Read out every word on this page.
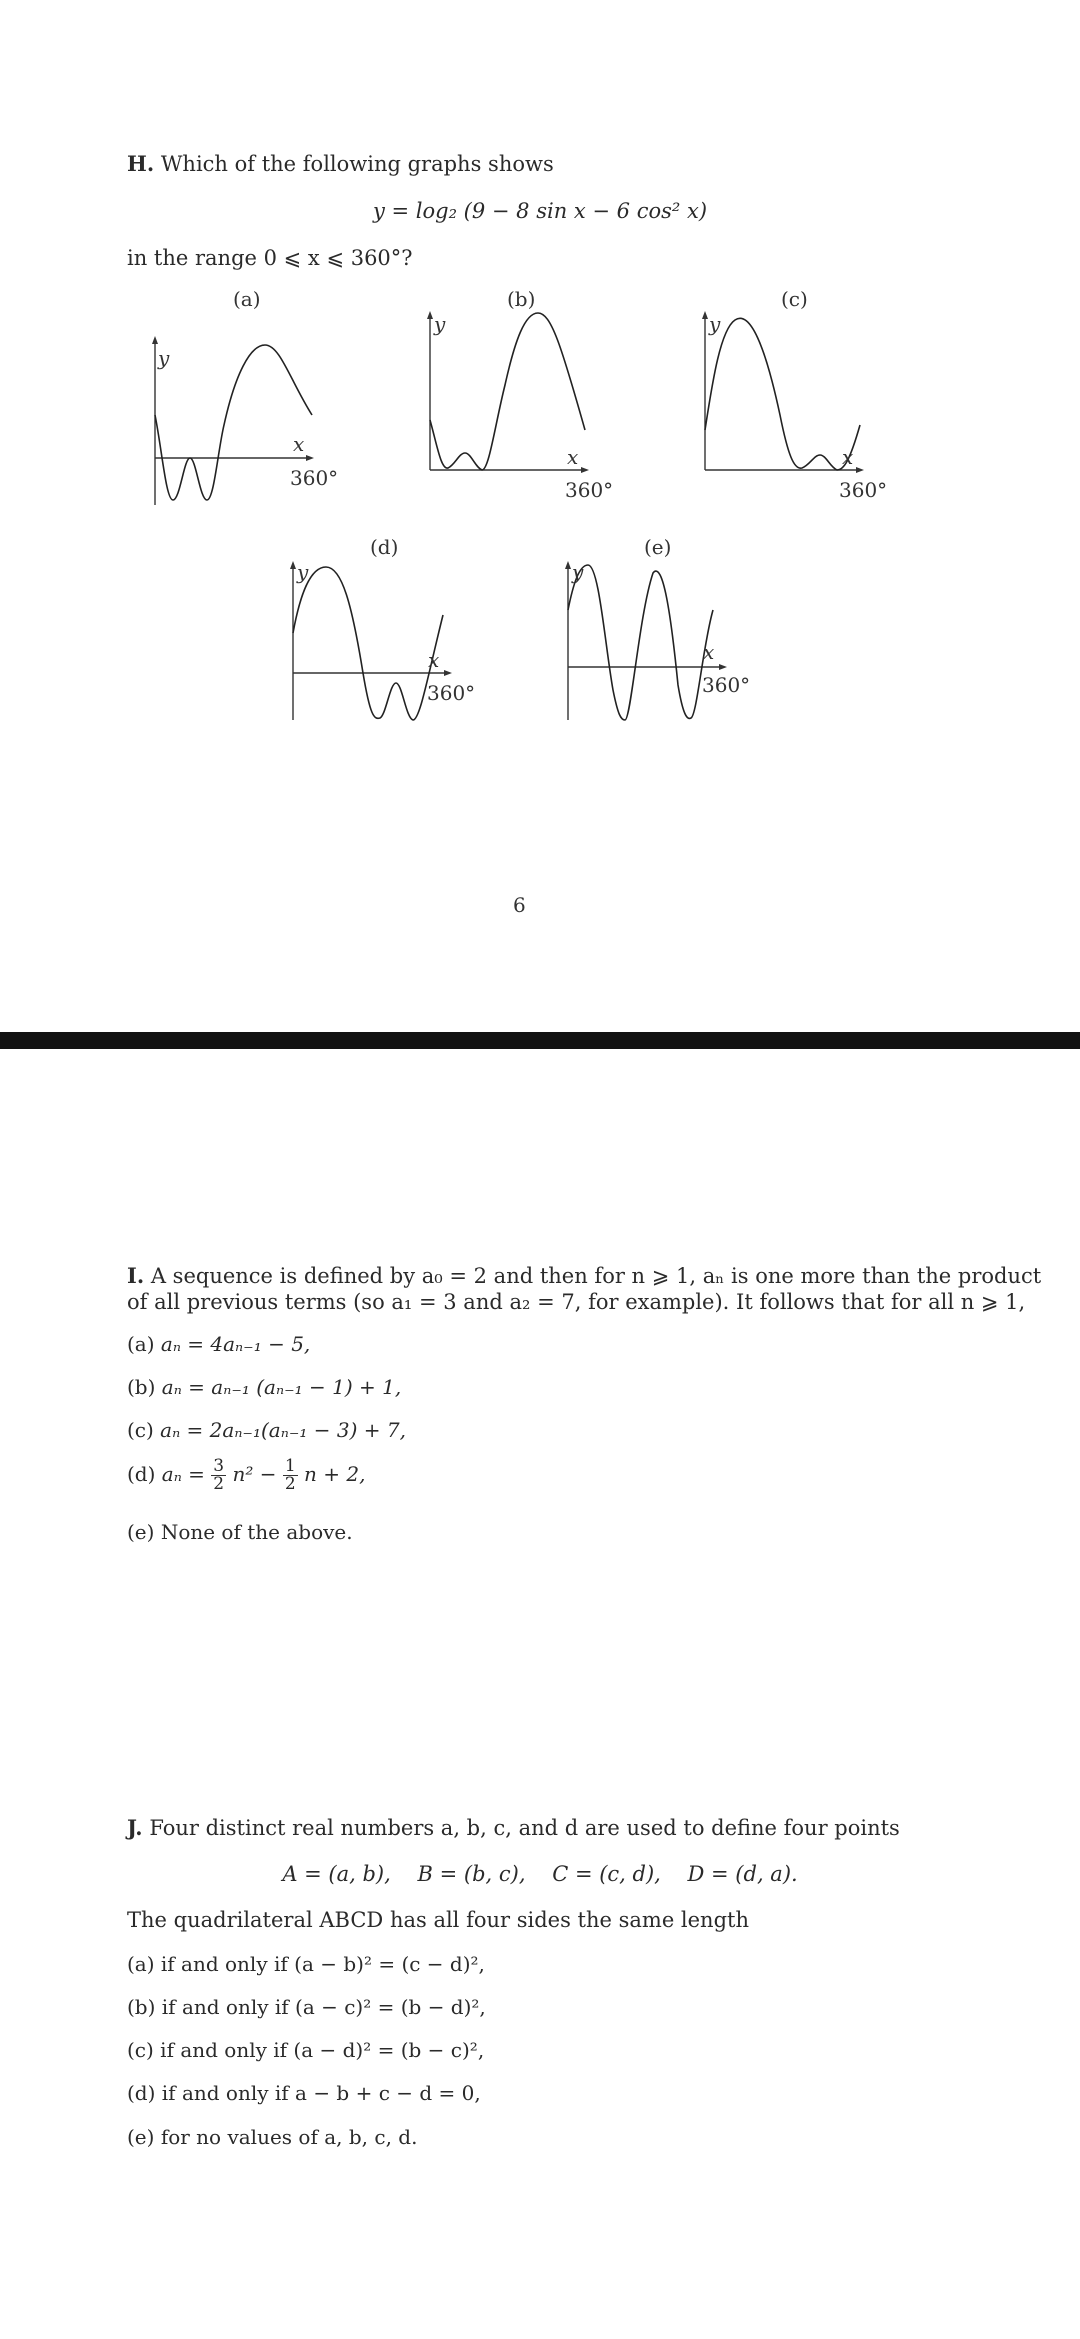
H. Which of the following graphs shows
y = log₂ (9 − 8 sin x − 6 cos² x)
in the range 0 ⩽ x ⩽ 360°?
(a)
y
x
360°
(b)
y
x
360°
(c)
y
x
360°
(d)
y
x
360°
(e)
y
x
360°
6
I. A sequence is defined by a₀ = 2 and then for n ⩾ 1, aₙ is one more than the product
of all previous terms (so a₁ = 3 and a₂ = 7, for example). It follows that for all n ⩾ 1,
(a) aₙ = 4aₙ₋₁ − 5,
(b) aₙ = aₙ₋₁ (aₙ₋₁ − 1) + 1,
(c) aₙ = 2aₙ₋₁(aₙ₋₁ − 3) + 7,
(d) $a_n = \frac{3}{2} n^2 - \frac{1}{2}$ n + 2,
(e) None of the above.
J. Four distinct real numbers a, b, c, and d are used to define four points
A = (a, b),    B = (b, c),    C = (c, d),    D = (d, a).
The quadrilateral ABCD has all four sides the same length
(a) if and only if (a − b)² = (c − d)²,
(b) if and only if (a − c)² = (b − d)²,
(c) if and only if (a − d)² = (b − c)²,
(d) if and only if a − b + c − d = 0,
(e) for no values of a, b, c, d.
